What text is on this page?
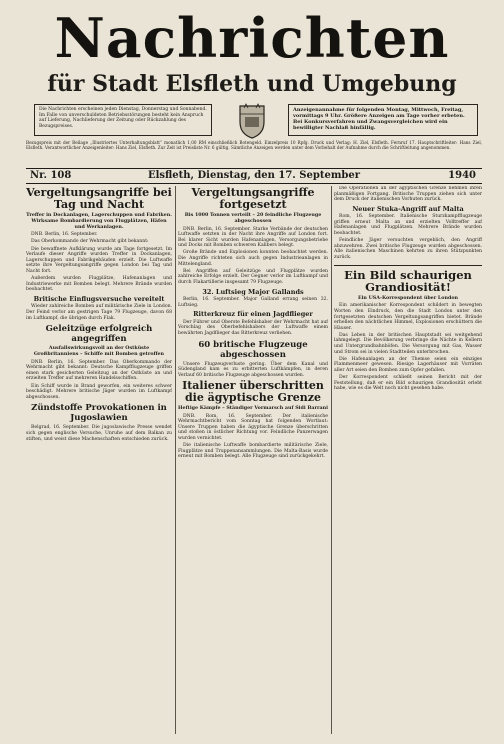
Nachrichten
für Stadt Elsfleth und Umgebung
Die Nachrichten erscheinen jeden Dienstag, Donnerstag und Sonnabend. Im Falle von unverschuldeten Betriebsstörungen besteht kein Anspruch auf Lieferung, Nachlieferung der Zeitung oder Rückzahlung des Bezugspreises.
Anzeigenannahme für folgenden Montag, Mittwoch, Freitag, vormittags 9 Uhr. Größere Anzeigen am Tage vorher erbeten. Bei Konkursverfahren und Zwangsvergleichen wird ein bewilligter Nachlaß hinfällig.
Bezugspreis mit der Beilage „Illustriertes Unterhaltungsblatt“ monatlich 1,00 RM einschließlich Botengeld. Einzelpreis 10 Rpfg. Druck und Verlag: H. Ziel, Elsfleth. Fernruf 17. Hauptschriftleiter: Hans Ziel, Elsfleth. Verantwortlicher Anzeigenleiter: Hans Ziel, Elsfleth. Zur Zeit ist Preisliste Nr. 6 gültig. Sämtliche Anzeigen werden unter dem Vorbehalt der Aufnahme durch die Schriftleitung angenommen.
Nr. 108	Elsfleth, Dienstag, den 17. September	1940
Vergeltungsangriffe bei Tag und Nacht
Treffer in Dockanlagen, Lagerschuppen und Fabriken. Wirksame Bombardierung von Flugplätzen, Häfen und Werkanlagen.
DNB. Berlin, 16. September.
Das Oberkommando der Wehrmacht gibt bekannt:
Die bewaffnete Aufklärung wurde am Tage fortgesetzt. Im Verlaufe dieser Angriffe wurden Treffer in Dockanlagen, Lagerschuppen und Fabrikgebäuden erzielt. Die Luftwaffe setzte ihre Vergeltungsangriffe gegen London bei Tag und Nacht fort.
Außerdem wurden Flugplätze, Hafenanlagen und Industriewerke mit Bomben belegt. Mehrere Brände wurden beobachtet.
Britische Einflugsversuche vereitelt
Wieder zahlreiche Bomben auf militärische Ziele in London. Der Feind verlor am gestrigen Tage 79 Flugzeuge, davon 68 im Luftkampf, die übrigen durch Flak.
Geleitzüge erfolgreich angegriffen
Ausfallswirkungsvoll an der Ostküste Großbritanniens – Schiffe mit Bomben getroffen
DNB. Berlin, 16. September. Das Oberkommando der Wehrmacht gibt bekannt: Deutsche Kampfflugzeuge griffen einen stark gesicherten Geleitzug an der Ostküste an und erzielten Treffer auf mehreren Handelsschiffen.
Ein Schiff wurde in Brand geworfen, ein weiteres schwer beschädigt. Mehrere britische Jäger wurden im Luftkampf abgeschossen.
Zündstoffe Provokationen in Jugoslawien
Belgrad, 16. September. Die jugoslawische Presse wendet sich gegen englische Versuche, Unruhe auf dem Balkan zu stiften, und weist diese Machenschaften entschieden zurück.
Vergeltungsangriffe fortgesetzt
Bis 1000 Tonnen verteilt – 20 feindliche Flugzeuge abgeschossen
DNB. Berlin, 16. September. Starke Verbände der deutschen Luftwaffe setzten in der Nacht ihre Angriffe auf London fort. Bei klarer Sicht wurden Hafenanlagen, Versorgungsbetriebe und Docks mit Bomben schweren Kalibers belegt.
Große Brände und Explosionen konnten beobachtet werden. Die Angriffe richteten sich auch gegen Industrieanlagen in Mittelengland.
Bei Angriffen auf Geleitzüge und Flugplätze wurden zahlreiche Erfolge erzielt. Der Gegner verlor im Luftkampf und durch Flakartillerie insgesamt 79 Flugzeuge.
32. Luftsieg Major Gallands
Berlin, 16. September. Major Galland errang seinen 32. Luftsieg.
Ritterkreuz für einen Jagdflieger
Der Führer und Oberste Befehlshaber der Wehrmacht hat auf Vorschlag des Oberbefehlshabers der Luftwaffe einem bewährten Jagdflieger das Ritterkreuz verliehen.
60 britische Flugzeuge abgeschossen
Unsere Flugzeugverluste gering. Über dem Kanal und Südengland kam es zu erbitterten Luftkämpfen, in deren Verlauf 60 britische Flugzeuge abgeschossen wurden.
Italiener überschritten die ägyptische Grenze
Heftige Kämpfe – Ständiger Vormarsch auf Sidi Barrani
DNB. Rom, 16. September. Der italienische Wehrmachtbericht vom Sonntag hat folgenden Wortlaut: Unsere Truppen haben die ägyptische Grenze überschritten und stoßen in östlicher Richtung vor. Feindliche Panzerwagen wurden vernichtet.
Die italienische Luftwaffe bombardierte militärische Ziele, Flugplätze und Truppenansammlungen. Die Malta-Basis wurde erneut mit Bomben belegt. Alle Flugzeuge sind zurückgekehrt.
Die Operationen an der ägyptischen Grenze nehmen ihren planmäßigen Fortgang. Britische Truppen ziehen sich unter dem Druck der italienischen Vorhuten zurück.
Neuer Stuka-Angriff auf Malta
Rom, 16. September. Italienische Sturzkampfflugzeuge griffen erneut Malta an und erzielten Volltreffer auf Hafenanlagen und Flugplätzen. Mehrere Brände wurden beobachtet.
Feindliche Jäger versuchten vergeblich, den Angriff abzuwehren. Zwei britische Flugzeuge wurden abgeschossen. Alle italienischen Maschinen kehrten zu ihren Stützpunkten zurück.
Ein Bild schaurigen Grandiosität!
Ein USA-Korrespondent über London
Ein amerikanischer Korrespondent schildert in bewegten Worten den Eindruck, den die Stadt London unter den fortgesetzten deutschen Vergeltungsangriffen bietet. Brände erhellen den nächtlichen Himmel, Explosionen erschüttern die Häuser.
Das Leben in der britischen Hauptstadt sei weitgehend lahmgelegt. Die Bevölkerung verbringe die Nächte in Kellern und Untergrundbahnhöfen. Die Versorgung mit Gas, Wasser und Strom sei in vielen Stadtteilen unterbrochen.
Die Hafenanlagen an der Themse seien ein einziges Flammenmeer gewesen. Riesige Lagerhäuser mit Vorräten aller Art seien den Bomben zum Opfer gefallen.
Der Korrespondent schließt seinen Bericht mit der Feststellung, daß er ein Bild schaurigen Grandiosität erlebt habe, wie es die Welt noch nicht gesehen habe.
